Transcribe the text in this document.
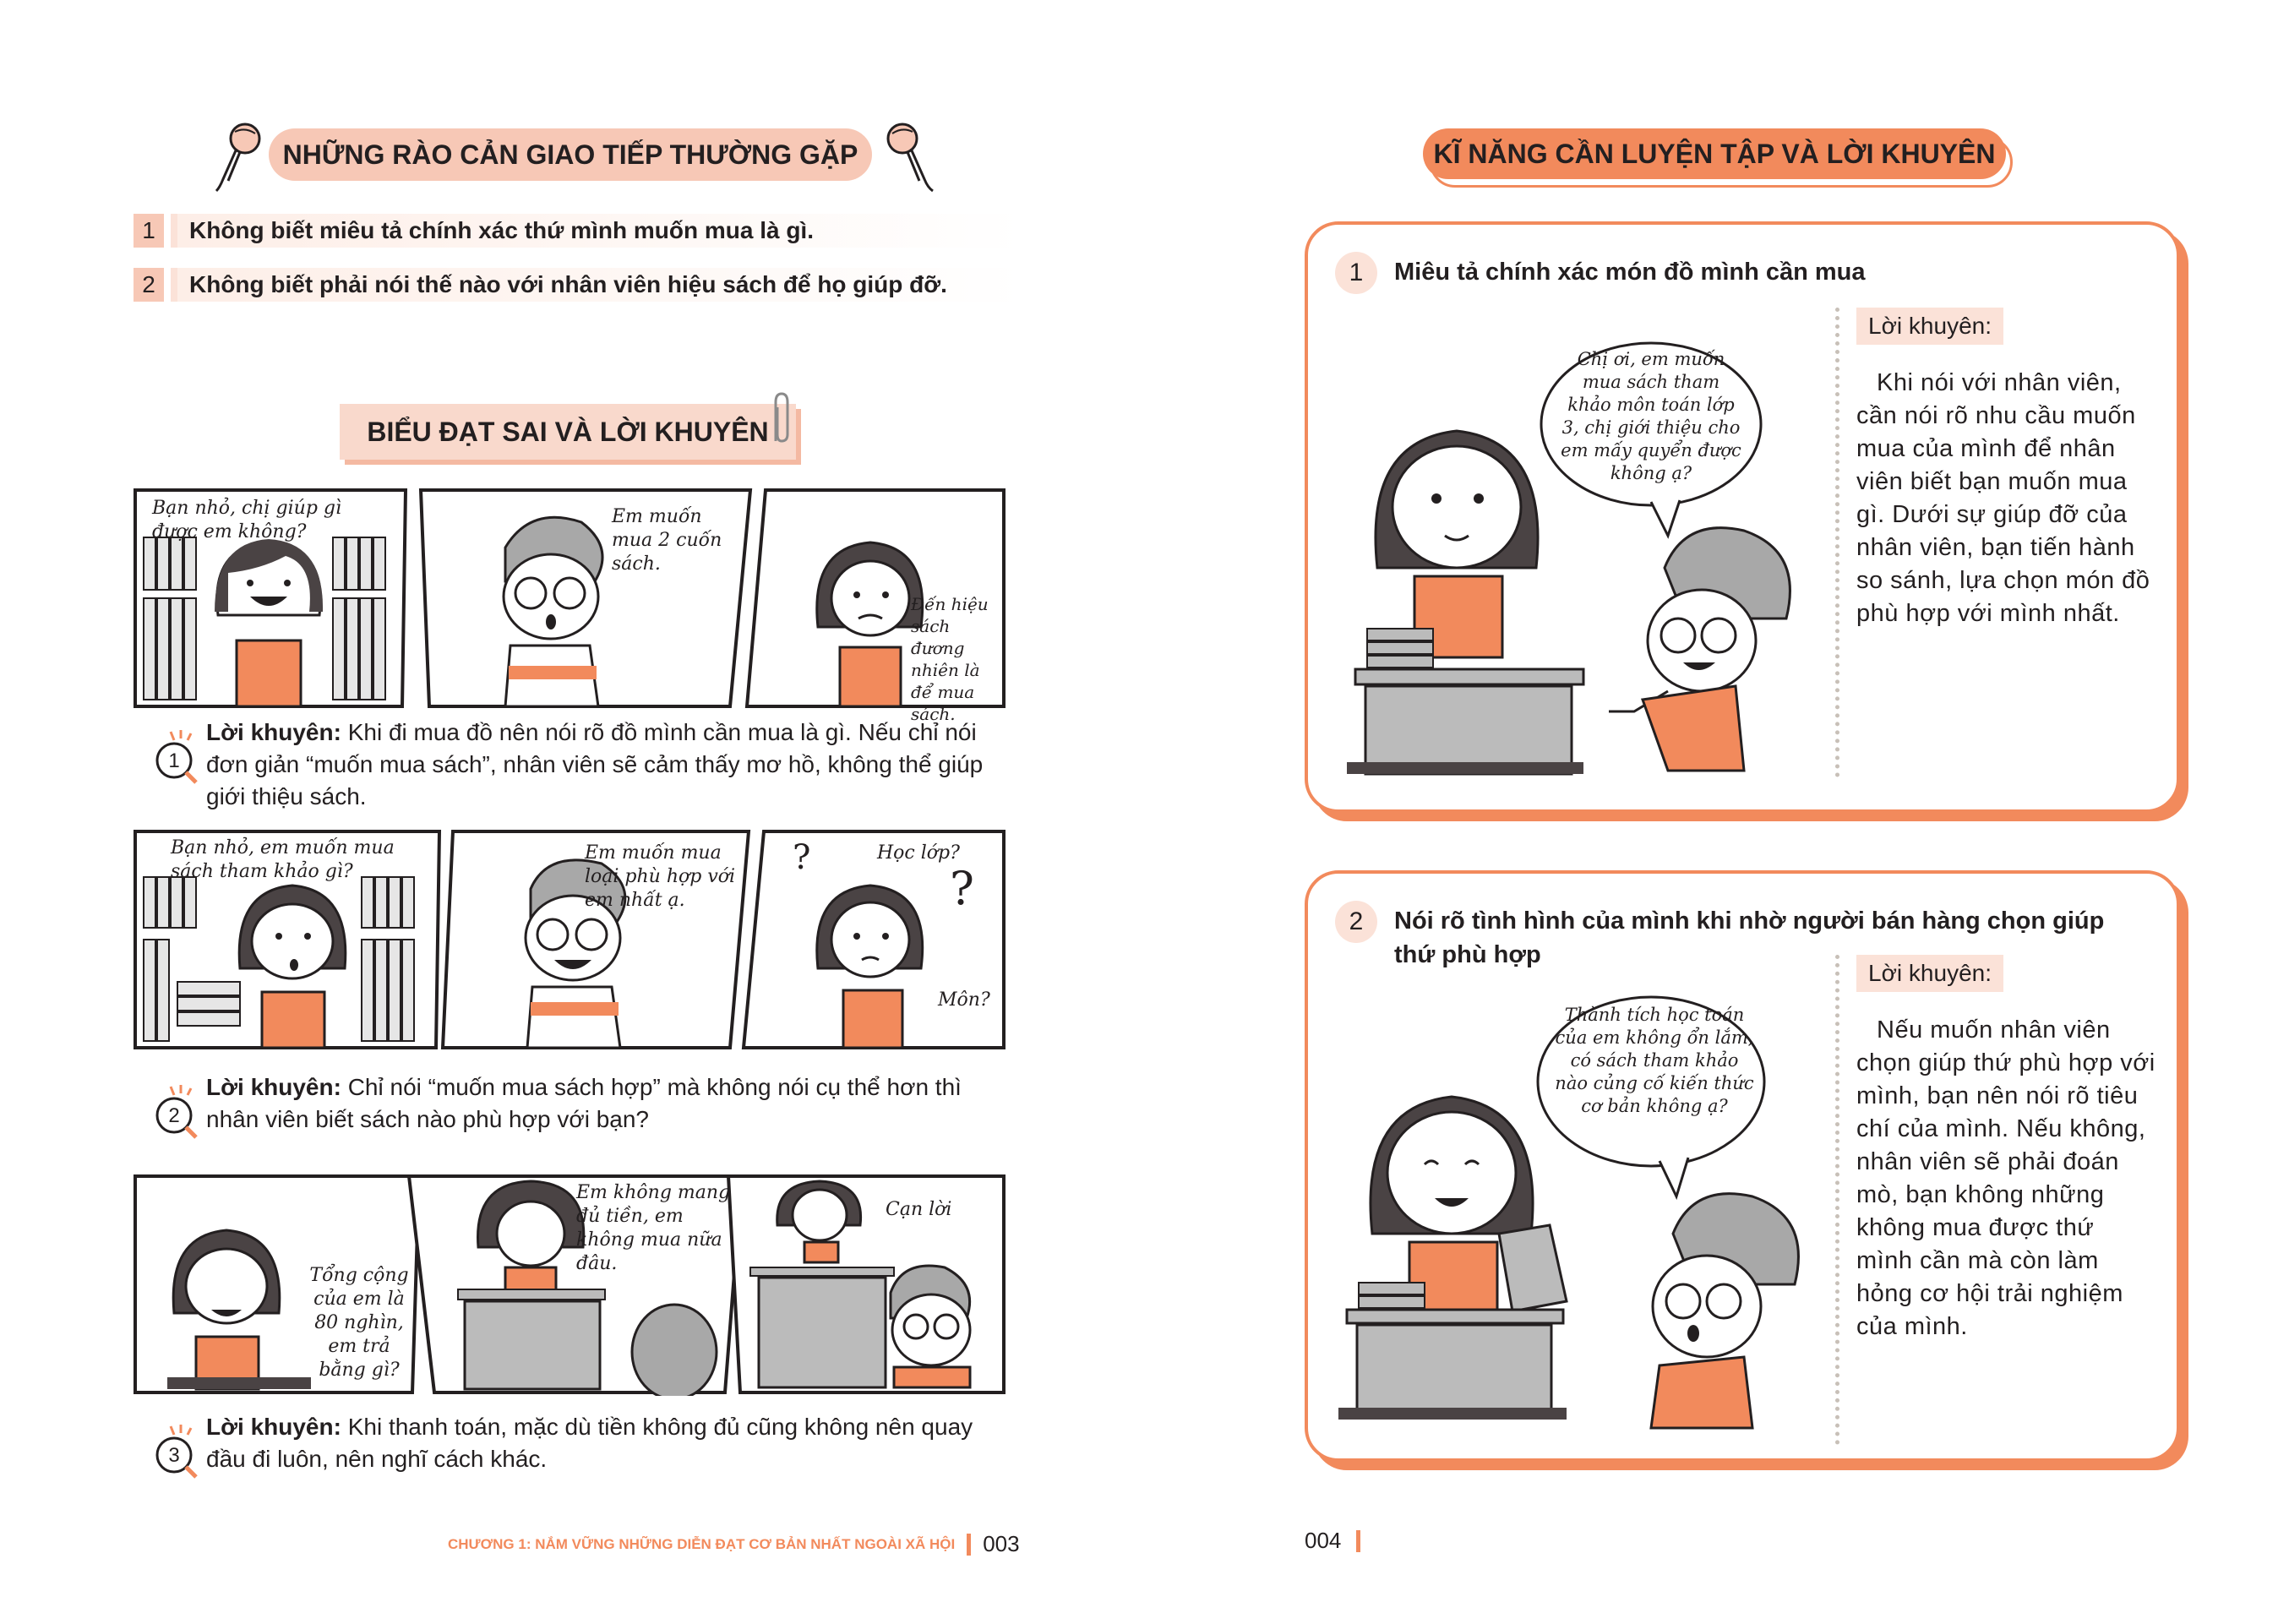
NHỮNG RÀO CẢN GIAO TIẾP THƯỜNG GẶP
1	Không biết miêu tả chính xác thứ mình muốn mua là gì.
2	Không biết phải nói thế nào với nhân viên hiệu sách để họ giúp đỡ.
BIỂU ĐẠT SAI VÀ LỜI KHUYÊN
Bạn nhỏ, chị giúp gì được em không?
Em muốn mua 2 cuốn sách.
Đến hiệu sách đương nhiên là để mua sách.
1
Lời khuyên: Khi đi mua đồ nên nói rõ đồ mình cần mua là gì. Nếu chỉ nói đơn giản “muốn mua sách”, nhân viên sẽ cảm thấy mơ hồ, không thể giúp giới thiệu sách.
?
?
Bạn nhỏ, em muốn mua sách tham khảo gì?
Em muốn mua loại phù hợp với em nhất ạ.
Học lớp?
Môn?
2
Lời khuyên: Chỉ nói “muốn mua sách hợp” mà không nói cụ thể hơn thì nhân viên biết sách nào phù hợp với bạn?
Tổng cộng của em là 80 nghìn, em trả bằng gì?
Em không mang đủ tiền, em không mua nữa đâu.
Cạn lời
3
Lời khuyên: Khi thanh toán, mặc dù tiền không đủ cũng không nên quay đầu đi luôn, nên nghĩ cách khác.
CHƯƠNG 1: NẮM VỮNG NHỮNG DIỄN ĐẠT CƠ BẢN NHẤT NGOÀI XÃ HỘI 003
KĨ NĂNG CẦN LUYỆN TẬP VÀ LỜI KHUYÊN
1	Miêu tả chính xác món đồ mình cần mua
Chị ơi, em muốn mua sách tham khảo môn toán lớp 3, chị giới thiệu cho em mấy quyển được không ạ?
Lời khuyên:
Khi nói với nhân viên, cần nói rõ nhu cầu muốn mua của mình để nhân viên biết bạn muốn mua gì. Dưới sự giúp đỡ của nhân viên, bạn tiến hành so sánh, lựa chọn món đồ phù hợp với mình nhất.
2	Nói rõ tình hình của mình khi nhờ người bán hàng chọn giúp thứ phù hợp
Thành tích học toán của em không ổn lắm, có sách tham khảo nào củng cố kiến thức cơ bản không ạ?
Lời khuyên:
Nếu muốn nhân viên chọn giúp thứ phù hợp với mình, bạn nên nói rõ tiêu chí của mình. Nếu không, nhân viên sẽ phải đoán mò, bạn không những không mua được thứ mình cần mà còn làm hỏng cơ hội trải nghiệm của mình.
004
